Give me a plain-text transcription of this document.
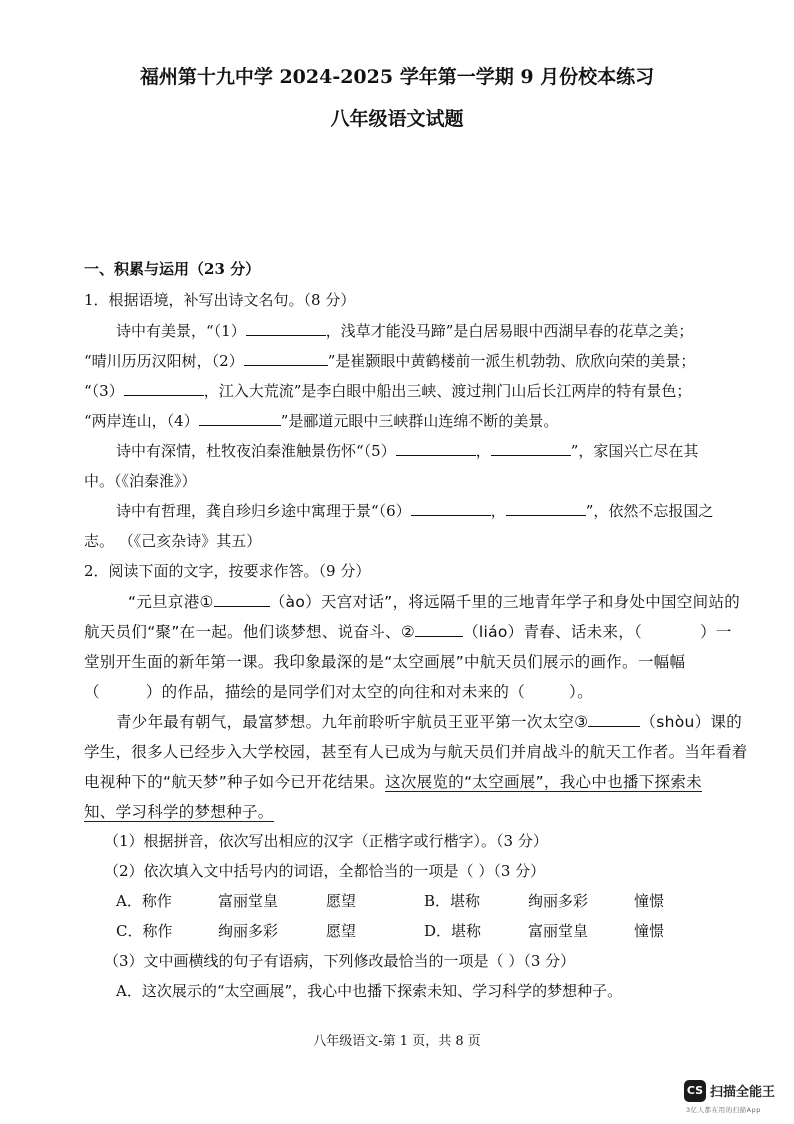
福州第十九中学 2024-2025 学年第一学期 9 月份校本练习
八年级语文试题
一、积累与运用（23 分）
1．根据语境，补写出诗文名句。（8 分）
诗中有美景，“（1）	，浅草才能没马蹄”是白居易眼中西湖早春的花草之美；
“晴川历历汉阳树，（2）	”是崔颢眼中黄鹤楼前一派生机勃勃、欣欣向荣的美景；
“（3）	，江入大荒流”是李白眼中船出三峡、渡过荆门山后长江两岸的特有景色；
“两岸连山，（4）	”是郦道元眼中三峡群山连绵不断的美景。
诗中有深情，杜牧夜泊秦淮触景伤怀“（5）	，	”，家国兴亡尽在其
中。（《泊秦淮》）
诗中有哲理，龚自珍归乡途中寓理于景“（6）	，	”，依然不忘报国之
志。 （《己亥杂诗》其五）
2．阅读下面的文字，按要求作答。（9 分）
“元旦京港①	（ào）天宫对话”，将远隔千里的三地青年学子和身处中国空间站的
航天员们“聚”在一起。他们谈梦想、说奋斗、②	（liáo）青春、话未来，（	）一
堂别开生面的新年第一课。我印象最深的是“太空画展”中航天员们展示的画作。一幅幅
（	）的作品，描绘的是同学们对太空的向往和对未来的（	）。
青少年最有朝气，最富梦想。九年前聆听宇航员王亚平第一次太空③	（shòu）课的
学生，很多人已经步入大学校园，甚至有人已成为与航天员们并肩战斗的航天工作者。当年看着
电视种下的“航天梦”种子如今已开花结果。这次展览的“太空画展”，我心中也播下探索未
知、学习科学的梦想种子。
（1）根据拼音，依次写出相应的汉字（正楷字或行楷字）。（3 分）
（2）依次填入文中括号内的词语，全都恰当的一项是（ ）（3 分）
A．称作	富丽堂皇	愿望	B．堪称	绚丽多彩	憧憬
C．称作	绚丽多彩	愿望	D．堪称	富丽堂皇	憧憬
（3）文中画横线的句子有语病，下列修改最恰当的一项是（ ）（3 分）
A．这次展示的“太空画展”，我心中也播下探索未知、学习科学的梦想种子。
八年级语文-第 1 页，共 8 页
CS 扫描全能王
3亿人都在用的扫描App
